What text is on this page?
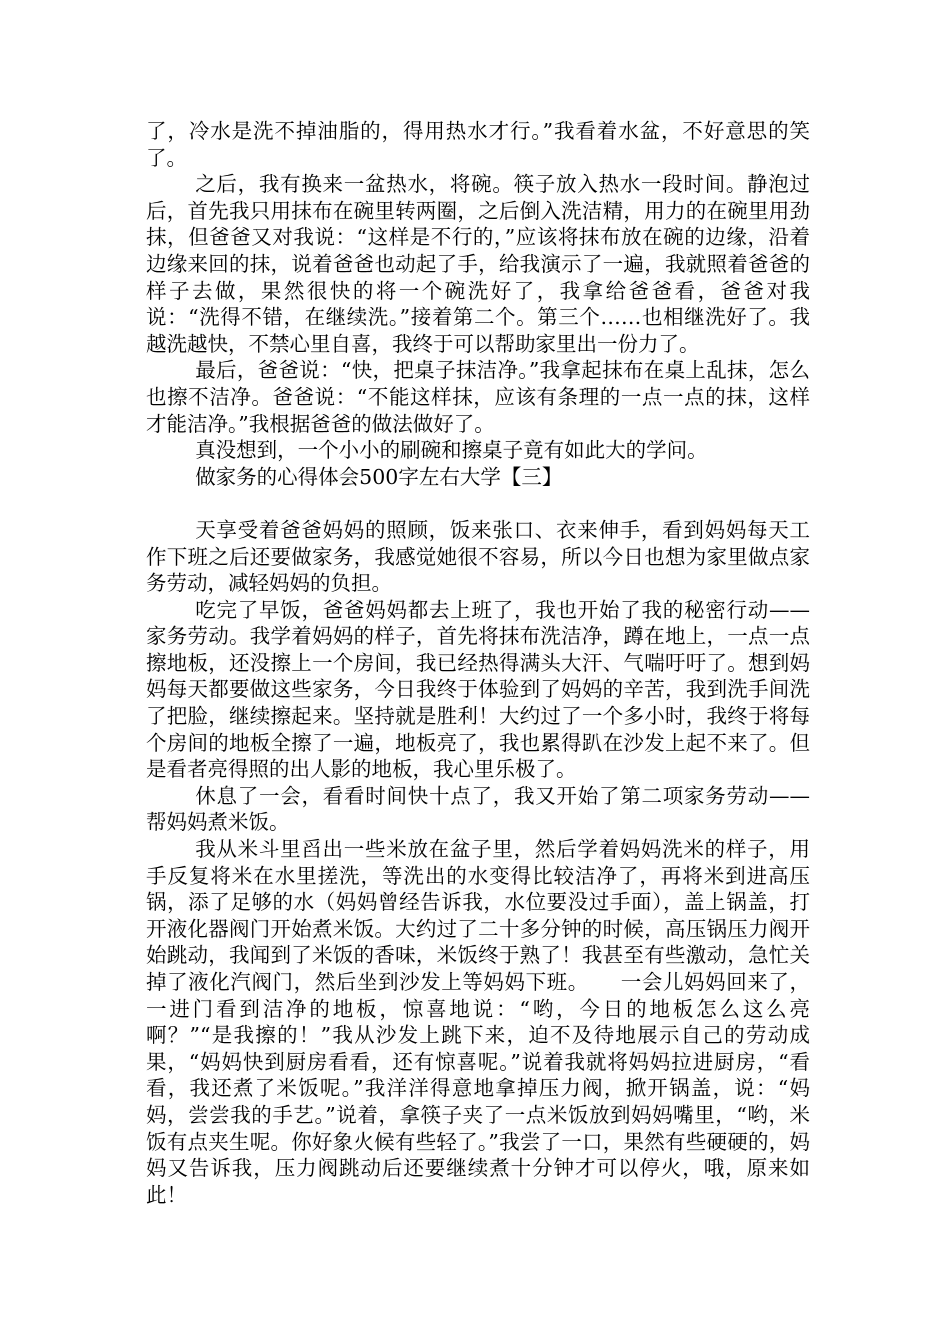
了，冷水是洗不掉油脂的，得用热水才行。”我看着水盆，不好意思的笑了。

之后，我有换来一盆热水，将碗。筷子放入热水一段时间。静泡过后，首先我只用抹布在碗里转两圈，之后倒入洗洁精，用力的在碗里用劲抹，但爸爸又对我说：“这样是不行的，”应该将抹布放在碗的边缘，沿着边缘来回的抹，说着爸爸也动起了手，给我演示了一遍，我就照着爸爸的样子去做，果然很快的将一个碗洗好了，我拿给爸爸看，爸爸对我说：“洗得不错，在继续洗。”接着第二个。第三个……也相继洗好了。我越洗越快，不禁心里自喜，我终于可以帮助家里出一份力了。

最后，爸爸说：“快，把桌子抹洁净。”我拿起抹布在桌上乱抹，怎么也擦不洁净。爸爸说：“不能这样抹，应该有条理的一点一点的抹，这样才能洁净。”我根据爸爸的做法做好了。

真没想到，一个小小的刷碗和擦桌子竟有如此大的学问。

做家务的心得体会500字左右大学【三】

天享受着爸爸妈妈的照顾，饭来张口、衣来伸手，看到妈妈每天工作下班之后还要做家务，我感觉她很不容易，所以今日也想为家里做点家务劳动，减轻妈妈的负担。

吃完了早饭，爸爸妈妈都去上班了，我也开始了我的秘密行动——家务劳动。我学着妈妈的样子，首先将抹布洗洁净，蹲在地上，一点一点擦地板，还没擦上一个房间，我已经热得满头大汗、气喘吁吁了。想到妈妈每天都要做这些家务，今日我终于体验到了妈妈的辛苦，我到洗手间洗了把脸，继续擦起来。坚持就是胜利！大约过了一个多小时，我终于将每个房间的地板全擦了一遍，地板亮了，我也累得趴在沙发上起不来了。但是看者亮得照的出人影的地板，我心里乐极了。

休息了一会，看看时间快十点了，我又开始了第二项家务劳动——帮妈妈煮米饭。

我从米斗里舀出一些米放在盆子里，然后学着妈妈洗米的样子，用手反复将米在水里搓洗，等洗出的水变得比较洁净了，再将米到进高压锅，添了足够的水（妈妈曾经告诉我，水位要没过手面），盖上锅盖，打开液化器阀门开始煮米饭。大约过了二十多分钟的时候，高压锅压力阀开始跳动，我闻到了米饭的香味，米饭终于熟了！我甚至有些激动，急忙关掉了液化汽阀门，然后坐到沙发上等妈妈下班。　　一会儿妈妈回来了，一进门看到洁净的地板，惊喜地说：“哟，今日的地板怎么这么亮啊？”“是我擦的！”我从沙发上跳下来，迫不及待地展示自己的劳动成果，“妈妈快到厨房看看，还有惊喜呢。”说着我就将妈妈拉进厨房，“看看，我还煮了米饭呢。”我洋洋得意地拿掉压力阀，掀开锅盖，说：“妈妈，尝尝我的手艺。”说着，拿筷子夹了一点米饭放到妈妈嘴里，“哟，米饭有点夹生呢。你好象火候有些轻了。”我尝了一口，果然有些硬硬的，妈妈又告诉我，压力阀跳动后还要继续煮十分钟才可以停火，哦，原来如此！
